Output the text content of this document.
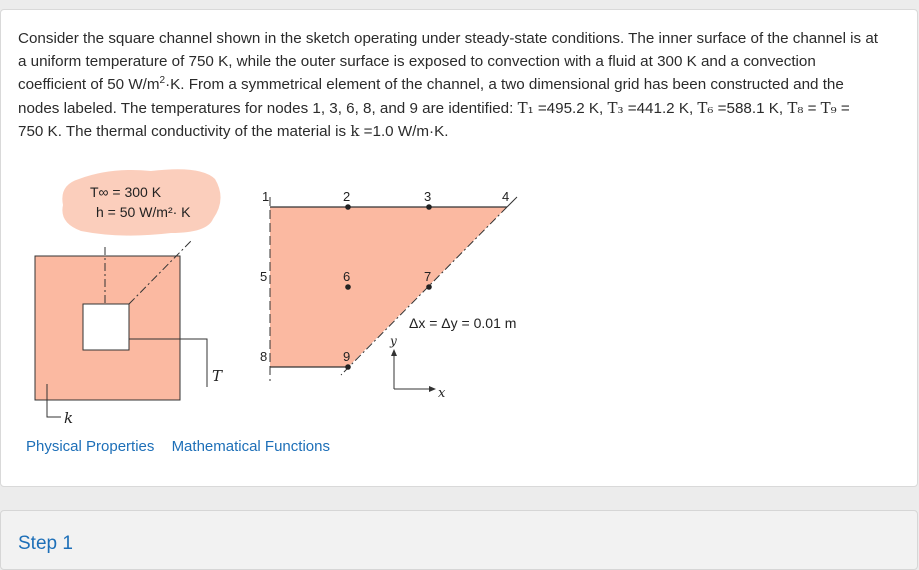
Consider the square channel shown in the sketch operating under steady-state conditions. The inner surface of the channel is at
a uniform temperature of 750 K, while the outer surface is exposed to convection with a fluid at 300 K and a convection
coefficient of 50 $W/m^2\cdot K$. From a symmetrical element of the channel, a two dimensional grid has been constructed and the
nodes labeled. The temperatures for nodes 1, 3, 6, 8, and 9 are identified: T₁ =495.2 K, T₃ =441.2 K, T₆ =588.1 K, T₈ = T₉ =
750 K. The thermal conductivity of the material is k =1.0 W/m·K.

T∞ = 300 K
h = 50 W/m²· K
T
k
1	2	3	4
5	6	7
8	9
Δx = Δy = 0.01 m
y
x
Physical Properties Mathematical Functions
Step 1
